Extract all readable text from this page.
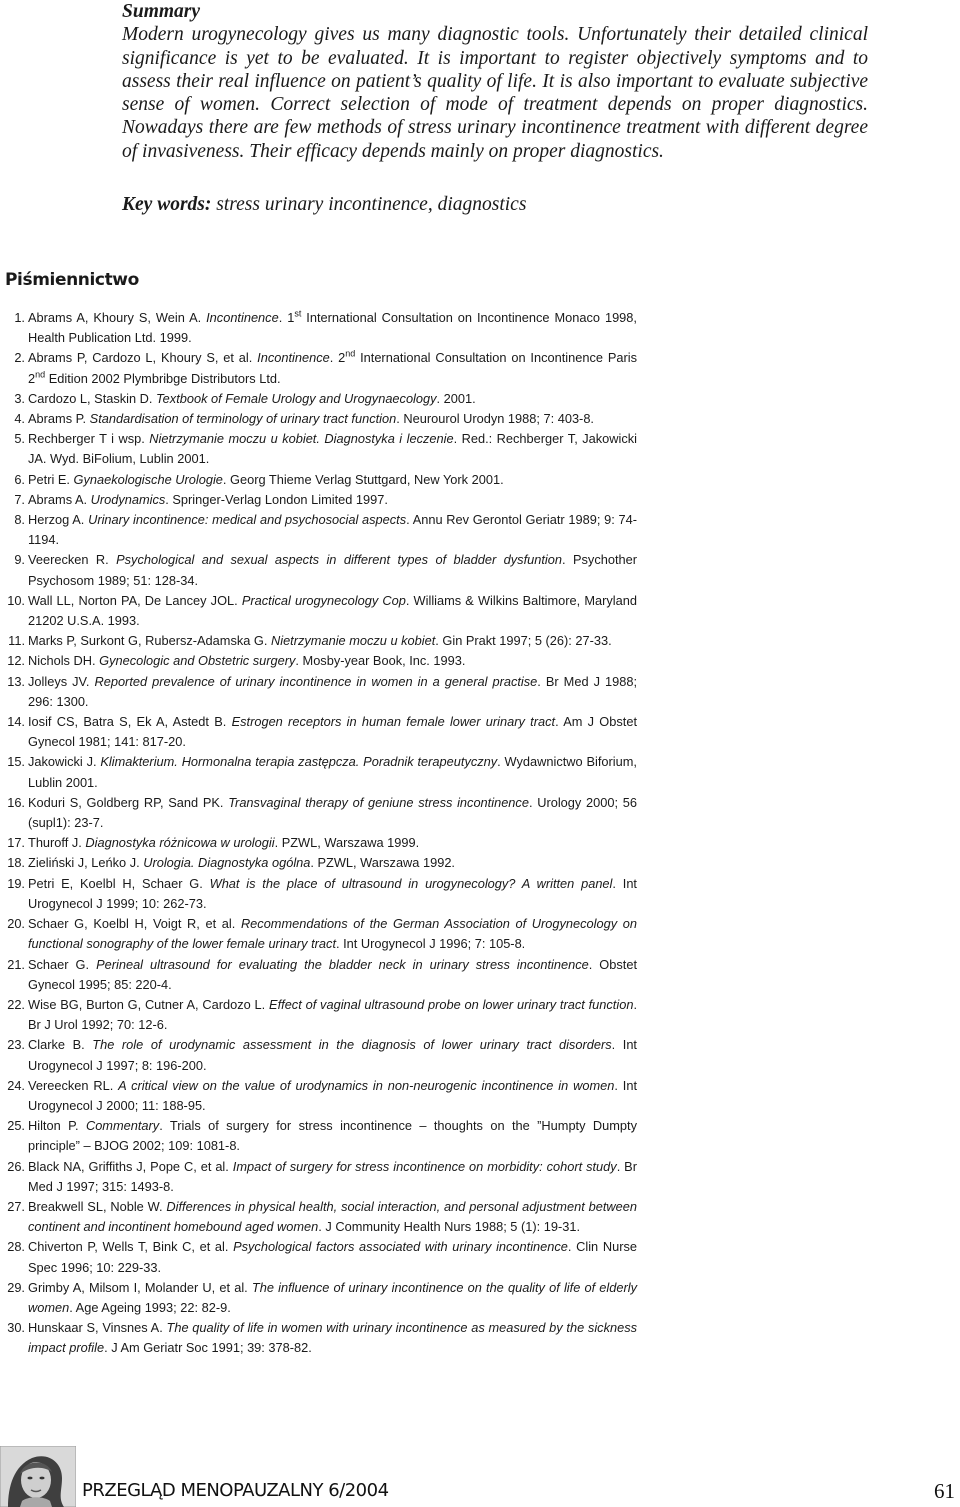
Summary

Modern urogynecology gives us many diagnostic tools. Unfortunately their detailed clinical significance is yet to be evaluated. It is important to register objectively symptoms and to assess their real influence on patient’s quality of life. It is also important to evaluate subjective sense of women. Correct selection of mode of treatment depends on proper diagnostics. Nowadays there are few methods of stress urinary incontinence treatment with different degree of invasiveness. Their efficacy depends mainly on proper diagnostics.

Key words: stress urinary incontinence, diagnostics
Piśmiennictwo
1. Abrams A, Khoury S, Wein A. Incontinence. 1st International Consultation on Incontinence Monaco 1998, Health Publication Ltd. 1999.
2. Abrams P, Cardozo L, Khoury S, et al. Incontinence. 2nd International Consultation on Incontinence Paris 2nd Edition 2002 Plymbribge Distributors Ltd.
3. Cardozo L, Staskin D. Textbook of Female Urology and Urogynaecology. 2001.
4. Abrams P. Standardisation of terminology of urinary tract function. Neurourol Urodyn 1988; 7: 403-8.
5. Rechberger T i wsp. Nietrzymanie moczu u kobiet. Diagnostyka i leczenie. Red.: Rechberger T, Jakowicki JA. Wyd. BiFolium, Lublin 2001.
6. Petri E. Gynaekologische Urologie. Georg Thieme Verlag Stuttgard, New York 2001.
7. Abrams A. Urodynamics. Springer-Verlag London Limited 1997.
8. Herzog A. Urinary incontinence: medical and psychosocial aspects. Annu Rev Gerontol Geriatr 1989; 9: 74-1194.
9. Veerecken R. Psychological and sexual aspects in different types of bladder dysfuntion. Psychother Psychosom 1989; 51: 128-34.
10. Wall LL, Norton PA, De Lancey JOL. Practical urogynecology Cop. Williams & Wilkins Baltimore, Maryland 21202 U.S.A. 1993.
11. Marks P, Surkont G, Rubersz-Adamska G. Nietrzymanie moczu u kobiet. Gin Prakt 1997; 5 (26): 27-33.
12. Nichols DH. Gynecologic and Obstetric surgery. Mosby-year Book, Inc. 1993.
13. Jolleys JV. Reported prevalence of urinary incontinence in women in a general practise. Br Med J 1988; 296: 1300.
14. Iosif CS, Batra S, Ek A, Astedt B. Estrogen receptors in human female lower urinary tract. Am J Obstet Gynecol 1981; 141: 817-20.
15. Jakowicki J. Klimakterium. Hormonalna terapia zastępcza. Poradnik terapeutyczny. Wydawnictwo Biforium, Lublin 2001.
16. Koduri S, Goldberg RP, Sand PK. Transvaginal therapy of geniune stress incontinence. Urology 2000; 56 (supl1): 23-7.
17. Thuroff J. Diagnostyka różnicowa w urologii. PZWL, Warszawa 1999.
18. Zieliński J, Leńko J. Urologia. Diagnostyka ogólna. PZWL, Warszawa 1992.
19. Petri E, Koelbl H, Schaer G. What is the place of ultrasound in urogynecology? A written panel. Int Urogynecol J 1999; 10: 262-73.
20. Schaer G, Koelbl H, Voigt R, et al. Recommendations of the German Association of Urogynecology on functional sonography of the lower female urinary tract. Int Urogynecol J 1996; 7: 105-8.
21. Schaer G. Perineal ultrasound for evaluating the bladder neck in urinary stress incontinence. Obstet Gynecol 1995; 85: 220-4.
22. Wise BG, Burton G, Cutner A, Cardozo L. Effect of vaginal ultrasound probe on lower urinary tract function. Br J Urol 1992; 70: 12-6.
23. Clarke B. The role of urodynamic assessment in the diagnosis of lower urinary tract disorders. Int Urogynecol J 1997; 8: 196-200.
24. Vereecken RL. A critical view on the value of urodynamics in non-neurogenic incontinence in women. Int Urogynecol J 2000; 11: 188-95.
25. Hilton P. Commentary. Trials of surgery for stress incontinence – thoughts on the ”Humpty Dumpty principle” – BJOG 2002; 109: 1081-8.
26. Black NA, Griffiths J, Pope C, et al. Impact of surgery for stress incontinence on morbidity: cohort study. Br Med J 1997; 315: 1493-8.
27. Breakwell SL, Noble W. Differences in physical health, social interaction, and personal adjustment between continent and incontinent homebound aged women. J Community Health Nurs 1988; 5 (1): 19-31.
28. Chiverton P, Wells T, Bink C, et al. Psychological factors associated with urinary incontinence. Clin Nurse Spec 1996; 10: 229-33.
29. Grimby A, Milsom I, Molander U, et al. The influence of urinary incontinence on the quality of life of elderly women. Age Ageing 1993; 22: 82-9.
30. Hunskaar S, Vinsnes A. The quality of life in women with urinary incontinence as measured by the sickness impact profile. J Am Geriatr Soc 1991; 39: 378-82.
PRZEGLĄD MENOPAUZALNY 6/2004	61
